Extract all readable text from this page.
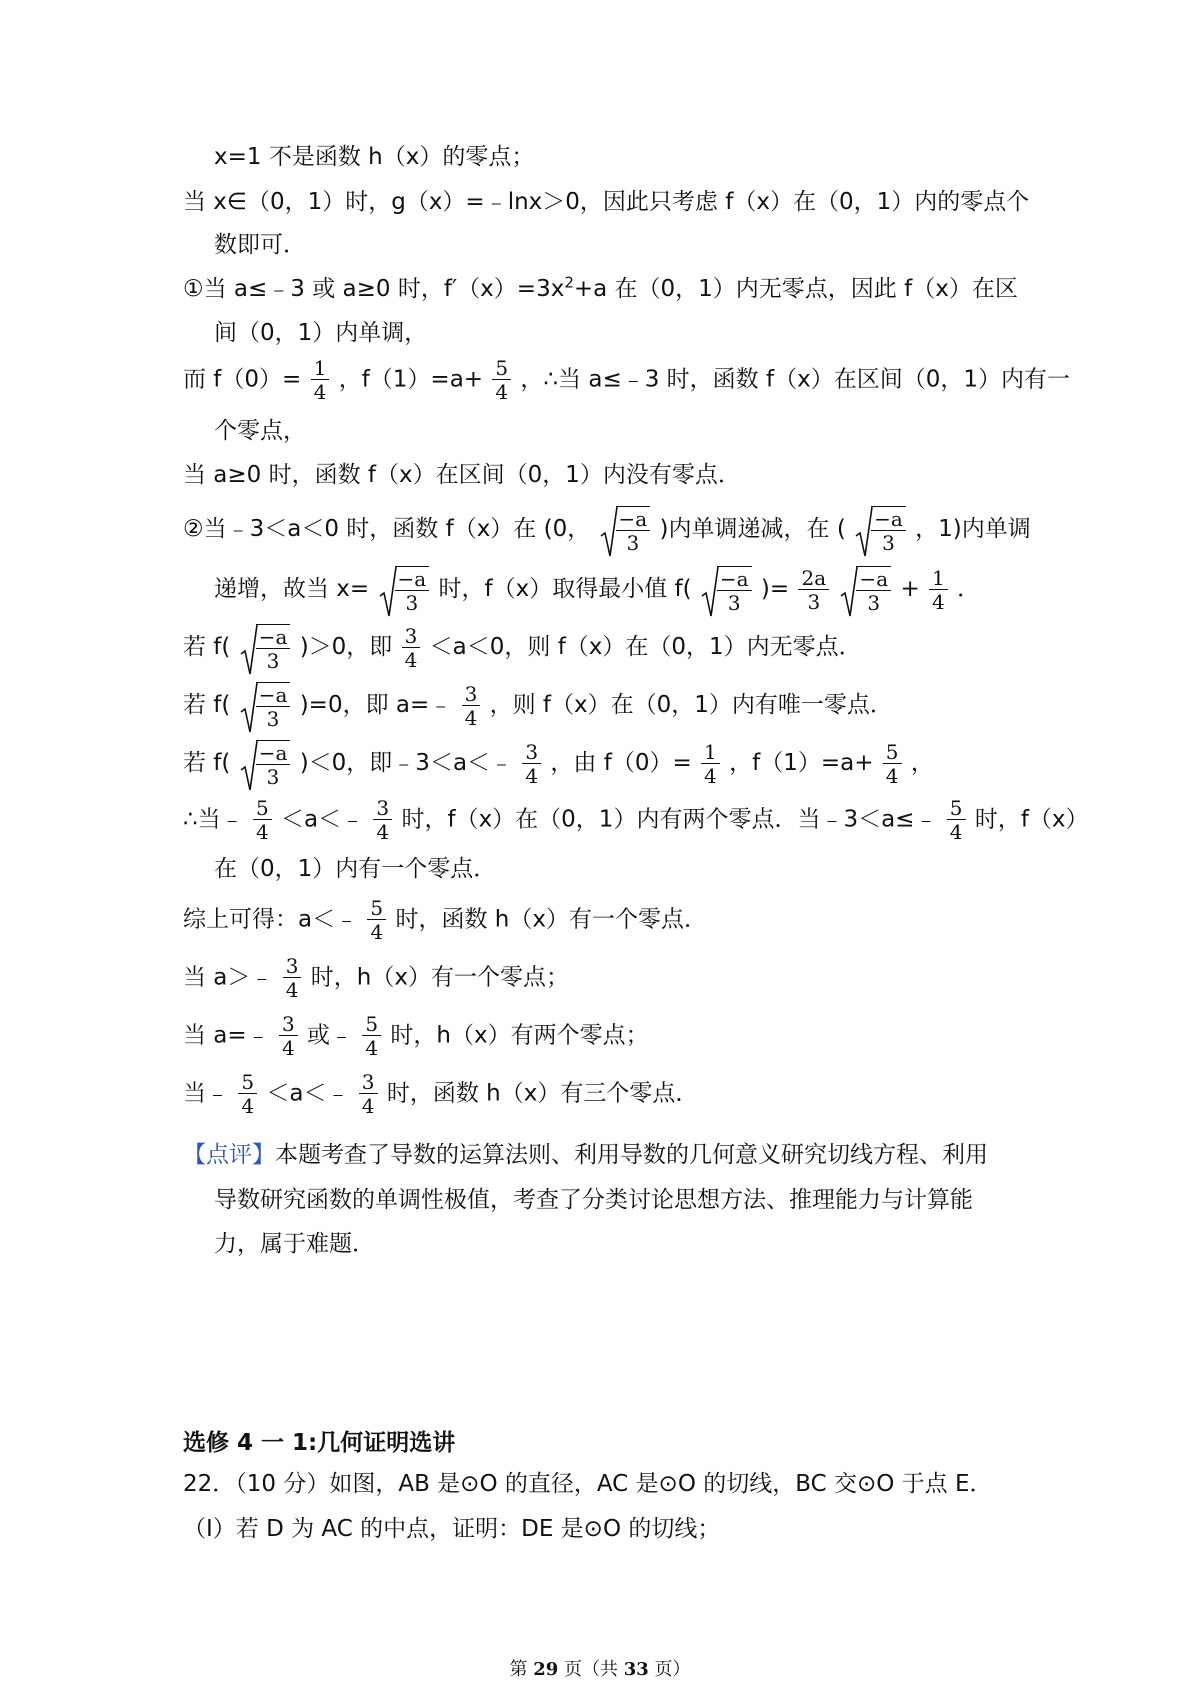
x=1 不是函数 h（x）的零点；
当 x∈（0，1）时，g（x）=﹣lnx＞0，因此只考虑 f（x）在（0，1）内的零点个
数即可．
①当 a≤﹣3 或 a≥0 时，$f'(x)=3x^2+a$ 在（0，1）内无零点，因此 f（x）在区
间（0，1）内单调，
而 $f(0)= \frac{1}{4}$ ，$f(1)=a+ \frac{5}{4}$ ，∴当 a≤﹣3 时，函数 f（x）在区间（0，1）内有一
个零点，
当 a≥0 时，函数 f（x）在区间（0，1）内没有零点．
②当﹣3＜a＜0 时，函数 f（x）在 (0， $\frac{-a}{3}$ )内单调递减，在 ( $\frac{-a}{3}$ ，1)内单调
递增，故当 $x= \frac{-a}{3}$ 时，f（x）取得最小值 $f( \frac{-a}{3}$ )= $\frac{2a}{3}$
$\frac{-a}{3} + \frac{1}{4}$ ．
若 $f( \frac{-a}{3} )>0$，即 $\frac{3}{4} <a<0$，则 f（x）在（0，1）内无零点．
若 $f( \frac{-a}{3} )=0$，即 a=﹣ $\frac{3}{4}$ ，则 f（x）在（0，1）内有唯一零点．
若 $f( \frac{-a}{3} )<0$，即﹣3＜a＜﹣ $\frac{3}{4}$ ，由 $f(0)= \frac{1}{4}$ ，$f(1)=a+ \frac{5}{4}$ ，
∴当﹣ $\frac{5}{4}$ ＜a＜﹣ $\frac{3}{4}$ 时，f（x）在（0，1）内有两个零点．当﹣3＜a≤﹣ $\frac{5}{4}$ 时，f（x）
在（0，1）内有一个零点．
综上可得：a＜﹣ $\frac{5}{4}$ 时，函数 h（x）有一个零点．
当 a＞﹣ $\frac{3}{4}$ 时，h（x）有一个零点；
当 a=﹣ $\frac{3}{4}$ 或﹣ $\frac{5}{4}$ 时，h（x）有两个零点；
当﹣ $\frac{5}{4}$ ＜a＜﹣ $\frac{3}{4}$ 时，函数 h（x）有三个零点．
【点评】本题考查了导数的运算法则、利用导数的几何意义研究切线方程、利用
导数研究函数的单调性极值，考查了分类讨论思想方法、推理能力与计算能
力，属于难题．
选修 4 一 1:几何证明选讲
22．（10 分）如图，AB 是⊙O 的直径，AC 是⊙O 的切线，BC 交⊙O 于点 E．
（Ⅰ）若 D 为 AC 的中点，证明：DE 是⊙O 的切线；
第 29 页（共 33 页）
